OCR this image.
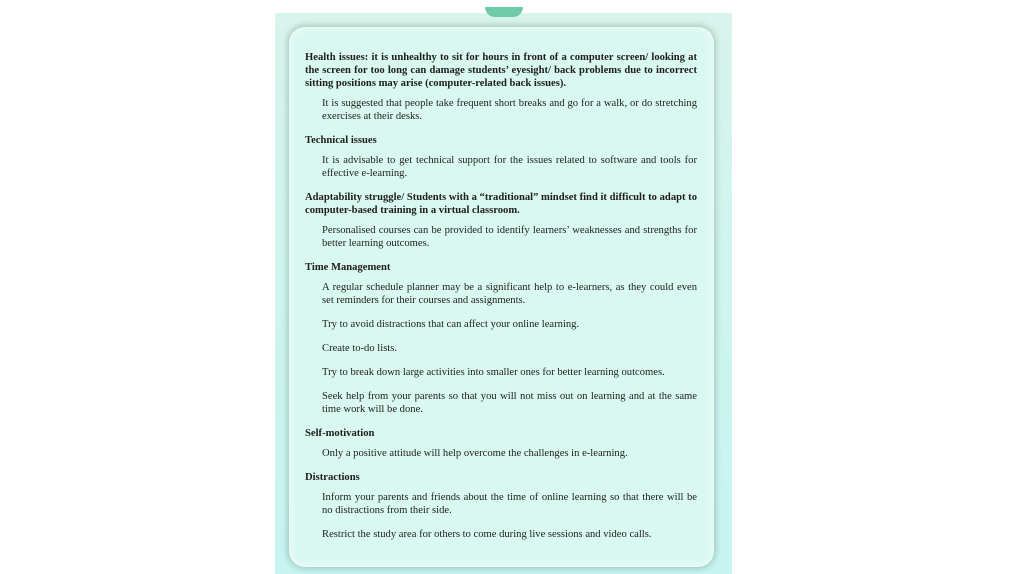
Health issues: it is unhealthy to sit for hours in front of a computer screen/ looking at the screen for too long can damage students’ eyesight/ back problems due to incorrect sitting positions may arise (computer-related back issues).
It is suggested that people take frequent short breaks and go for a walk, or do stretching exercises at their desks.
Technical issues
It is advisable to get technical support for the issues related to software and tools for effective e-learning.
Adaptability struggle/ Students with a “traditional” mindset find it difficult to adapt to computer-based training in a virtual classroom.
Personalised courses can be provided to identify learners’ weaknesses and strengths for better learning outcomes.
Time Management
A regular schedule planner may be a significant help to e-learners, as they could even set reminders for their courses and assignments.
Try to avoid distractions that can affect your online learning.
Create to-do lists.
Try to break down large activities into smaller ones for better learning outcomes.
Seek help from your parents so that you will not miss out on learning and at the same time work will be done.
Self-motivation
Only a positive attitude will help overcome the challenges in e-learning.
Distractions
Inform your parents and friends about the time of online learning so that there will be no distractions from their side.
Restrict the study area for others to come during live sessions and video calls.
